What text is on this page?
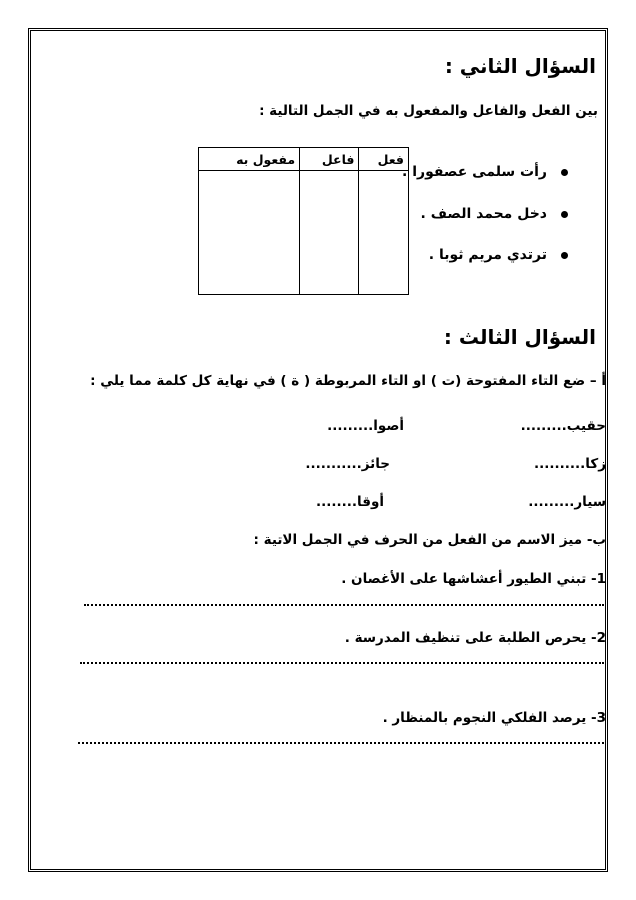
السؤال الثاني :
بين الفعل والفاعل والمفعول به في الجمل التالية :
رأت سلمى عصفورا .
دخل محمد الصف .
ترتدي مريم ثوبا .
فعل	فاعل	مفعول به

السؤال الثالث :
أ – ضع التاء المفتوحة (ت ) او التاء المربوطة ( ة ) في نهاية كل كلمة مما يلي :
حقيب.........
أصوا.........
زكا..........
جائز...........
سيار.........
أوقا........
ب- ميز الاسم من الفعل من الحرف في الجمل الاتية :
1- تبني الطيور أعشاشها على الأغصان .
2- يحرص الطلبة على تنظيف المدرسة .
3- يرصد الفلكي النجوم بالمنظار .
